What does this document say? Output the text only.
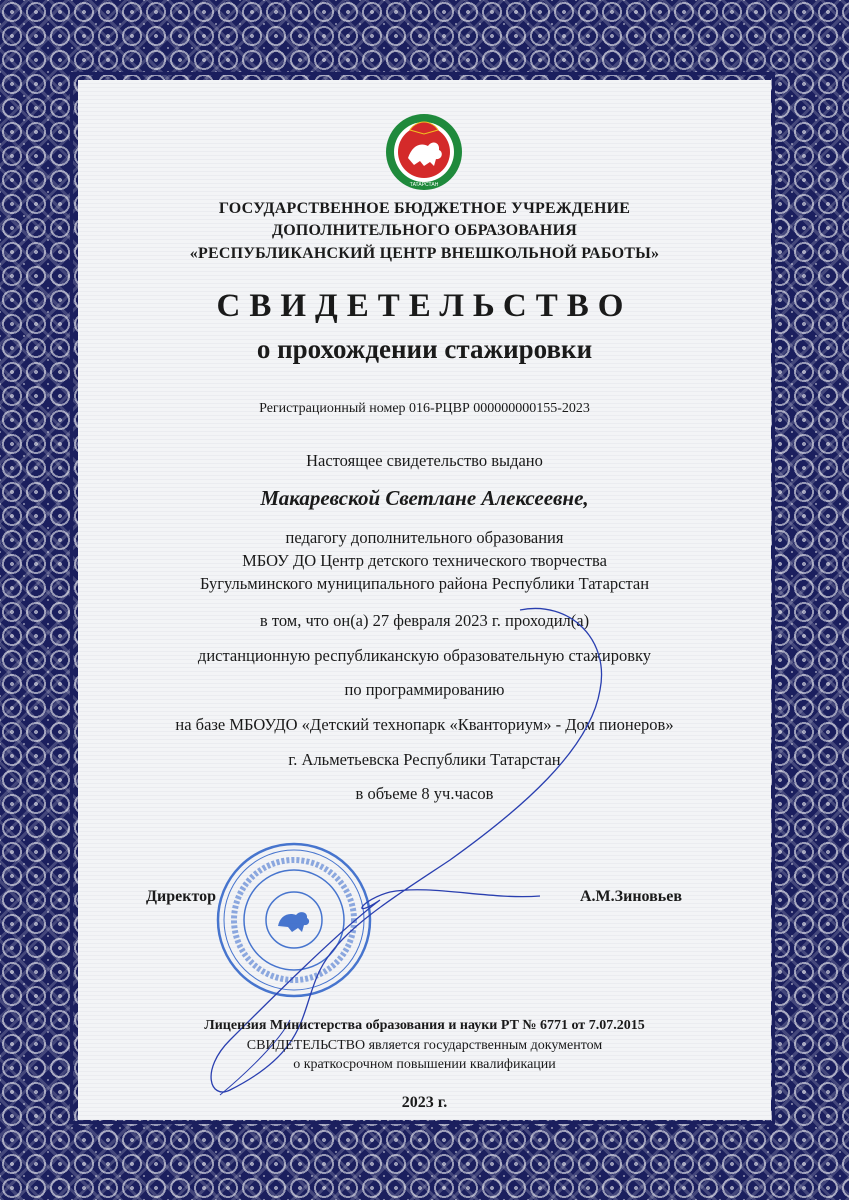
ТАТАРСТАН
ГОСУДАРСТВЕННОЕ БЮДЖЕТНОЕ УЧРЕЖДЕНИЕ
ДОПОЛНИТЕЛЬНОГО ОБРАЗОВАНИЯ
«РЕСПУБЛИКАНСКИЙ ЦЕНТР ВНЕШКОЛЬНОЙ РАБОТЫ»
СВИДЕТЕЛЬСТВО
о прохождении стажировки
Регистрационный номер 016-РЦВР 000000000155-2023
Настоящее свидетельство выдано
Макаревской Светлане Алексеевне,
педагогу дополнительного образования
МБОУ ДО Центр детского технического творчества
Бугульминского муниципального района Республики Татарстан
в том, что он(а) 27 февраля 2023 г. проходил(а)
дистанционную республиканскую образовательную стажировку
по программированию
на базе МБОУДО «Детский технопарк «Кванториум» - Дом пионеров»
г. Альметьевска Республики Татарстан
в объеме 8 уч.часов
Директор	А.М.Зиновьев
Лицензия Министерства образования и науки РТ № 6771 от 7.07.2015
СВИДЕТЕЛЬСТВО является государственным документом
о краткосрочном повышении квалификации
2023 г.
